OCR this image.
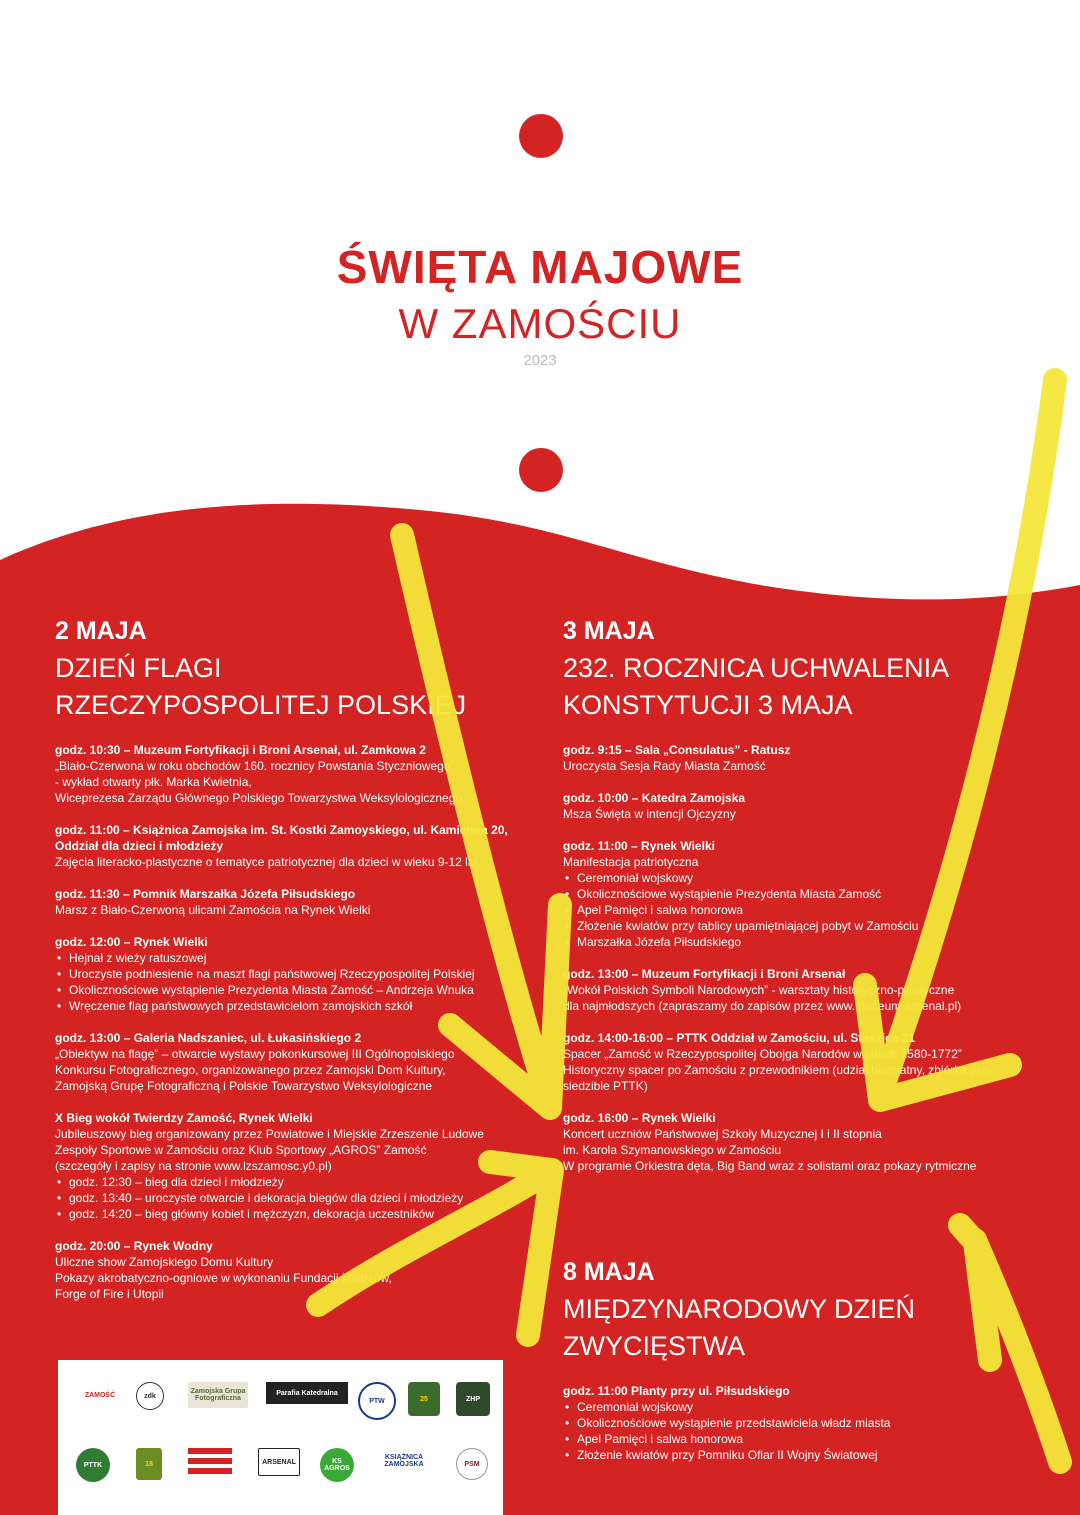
ŚWIĘTA MAJOWE
W ZAMOŚCIU
2023
2 MAJA
DZIEŃ FLAGI
RZECZYPOSPOLITEJ POLSKIEJ
godz. 10:30 – Muzeum Fortyfikacji i Broni Arsenał, ul. Zamkowa 2
„Biało-Czerwona w roku obchodów 160. rocznicy Powstania Styczniowego”
- wykład otwarty płk. Marka Kwietnia,
Wiceprezesa Zarządu Głównego Polskiego Towarzystwa Weksylologicznego
godz. 11:00 – Książnica Zamojska im. St. Kostki Zamoyskiego, ul. Kamienna 20,
Oddział dla dzieci i młodzieży
Zajęcia literacko-plastyczne o tematyce patriotycznej dla dzieci w wieku 9-12 lat
godz. 11:30 – Pomnik Marszałka Józefa Piłsudskiego
Marsz z Biało-Czerwoną ulicami Zamościa na Rynek Wielki
godz. 12:00 – Rynek Wielki
• Hejnał z wieży ratuszowej
• Uroczyste podniesienie na maszt flagi państwowej Rzeczypospolitej Polskiej
• Okolicznościowe wystąpienie Prezydenta Miasta Zamość – Andrzeja Wnuka
• Wręczenie flag państwowych przedstawicielom zamojskich szkół
godz. 13:00 – Galeria Nadszaniec, ul. Łukasińskiego 2
„Obiektyw na flagę” – otwarcie wystawy pokonkursowej III Ogólnopolskiego
Konkursu Fotograficznego, organizowanego przez Zamojski Dom Kultury,
Zamojską Grupę Fotograficzną i Polskie Towarzystwo Weksylologiczne
X Bieg wokół Twierdzy Zamość, Rynek Wielki
Jubileuszowy bieg organizowany przez Powiatowe i Miejskie Zrzeszenie Ludowe
Zespoły Sportowe w Zamościu oraz Klub Sportowy „AGROS” Zamość
(szczegóły i zapisy na stronie www.lzszamosc.y0.pl)
• godz. 12:30 – bieg dla dzieci i młodzieży
• godz. 13:40 – uroczyste otwarcie i dekoracja biegów dla dzieci i młodzieży
• godz. 14:20 – bieg główny kobiet i mężczyzn, dekoracja uczestników
godz. 20:00 – Rynek Wodny
Uliczne show Zamojskiego Domu Kultury
Pokazy akrobatyczno-ogniowe w wykonaniu Fundacji Mistrzów,
Forge of Fire i Utopii
3 MAJA
232. ROCZNICA UCHWALENIA
KONSTYTUCJI 3 MAJA
godz. 9:15 – Sala „Consulatus” - Ratusz
Uroczysta Sesja Rady Miasta Zamość
godz. 10:00 – Katedra Zamojska
Msza Święta w intencji Ojczyzny
godz. 11:00 – Rynek Wielki
Manifestacja patriotyczna
• Ceremoniał wojskowy
• Okolicznościowe wystąpienie Prezydenta Miasta Zamość
• Apel Pamięci i salwa honorowa
• Złożenie kwiatów przy tablicy upamiętniającej pobyt w Zamościu
• Marszałka Józefa Piłsudskiego
godz. 13:00 – Muzeum Fortyfikacji i Broni Arsenał
„Wokół Polskich Symboli Narodowych” - warsztaty historyczno-plastyczne
dla najmłodszych (zapraszamy do zapisów przez www.muzeum-arsenal.pl)
godz. 14:00-16:00 – PTTK Oddział w Zamościu, ul. Staszica 31
Spacer „Zamość w Rzeczypospolitej Obojga Narodów w latach 1580-1772”
Historyczny spacer po Zamościu z przewodnikiem (udział bezpłatny, zbiórka przy
siedzibie PTTK)
godz. 16:00 – Rynek Wielki
Koncert uczniów Państwowej Szkoły Muzycznej I i II stopnia
im. Karola Szymanowskiego w Zamościu
W programie Orkiestra dęta, Big Band wraz z solistami oraz pokazy rytmiczne
8 MAJA
MIĘDZYNARODOWY DZIEŃ
ZWYCIĘSTWA
godz. 11:00 Planty przy ul. Piłsudskiego
• Ceremoniał wojskowy
• Okolicznościowe wystąpienie przedstawiciela władz miasta
• Apel Pamięci i salwa honorowa
• Złożenie kwiatów przy Pomniku Ofiar II Wojny Światowej
ZAMOŚĆ	zdk
Zamojska Grupa Fotograficzna
Parafia Katedralna
PTW	25	ZHP
PTTK	18	ARSENAL	KS AGROS
KSIĄŻNICA ZAMOJSKA	PSM
